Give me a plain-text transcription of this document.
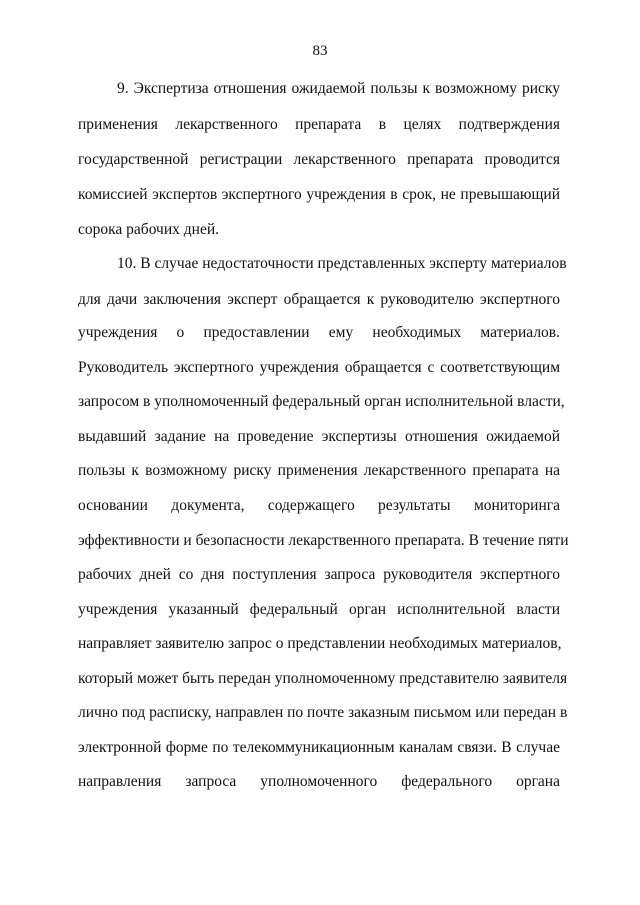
83
9. Экспертиза отношения ожидаемой пользы к возможному риску
применения лекарственного препарата в целях подтверждения
государственной регистрации лекарственного препарата проводится
комиссией экспертов экспертного учреждения в срок, не превышающий
сорока рабочих дней.
10. В случае недостаточности представленных эксперту материалов
для дачи заключения эксперт обращается к руководителю экспертного
учреждения о предоставлении ему необходимых материалов.
Руководитель экспертного учреждения обращается с соответствующим
запросом в уполномоченный федеральный орган исполнительной власти,
выдавший задание на проведение экспертизы отношения ожидаемой
пользы к возможному риску применения лекарственного препарата на
основании документа, содержащего результаты мониторинга
эффективности и безопасности лекарственного препарата. В течение пяти
рабочих дней со дня поступления запроса руководителя экспертного
учреждения указанный федеральный орган исполнительной власти
направляет заявителю запрос о представлении необходимых материалов,
который может быть передан уполномоченному представителю заявителя
лично под расписку, направлен по почте заказным письмом или передан в
электронной форме по телекоммуникационным каналам связи. В случае
направления запроса уполномоченного федерального органа
